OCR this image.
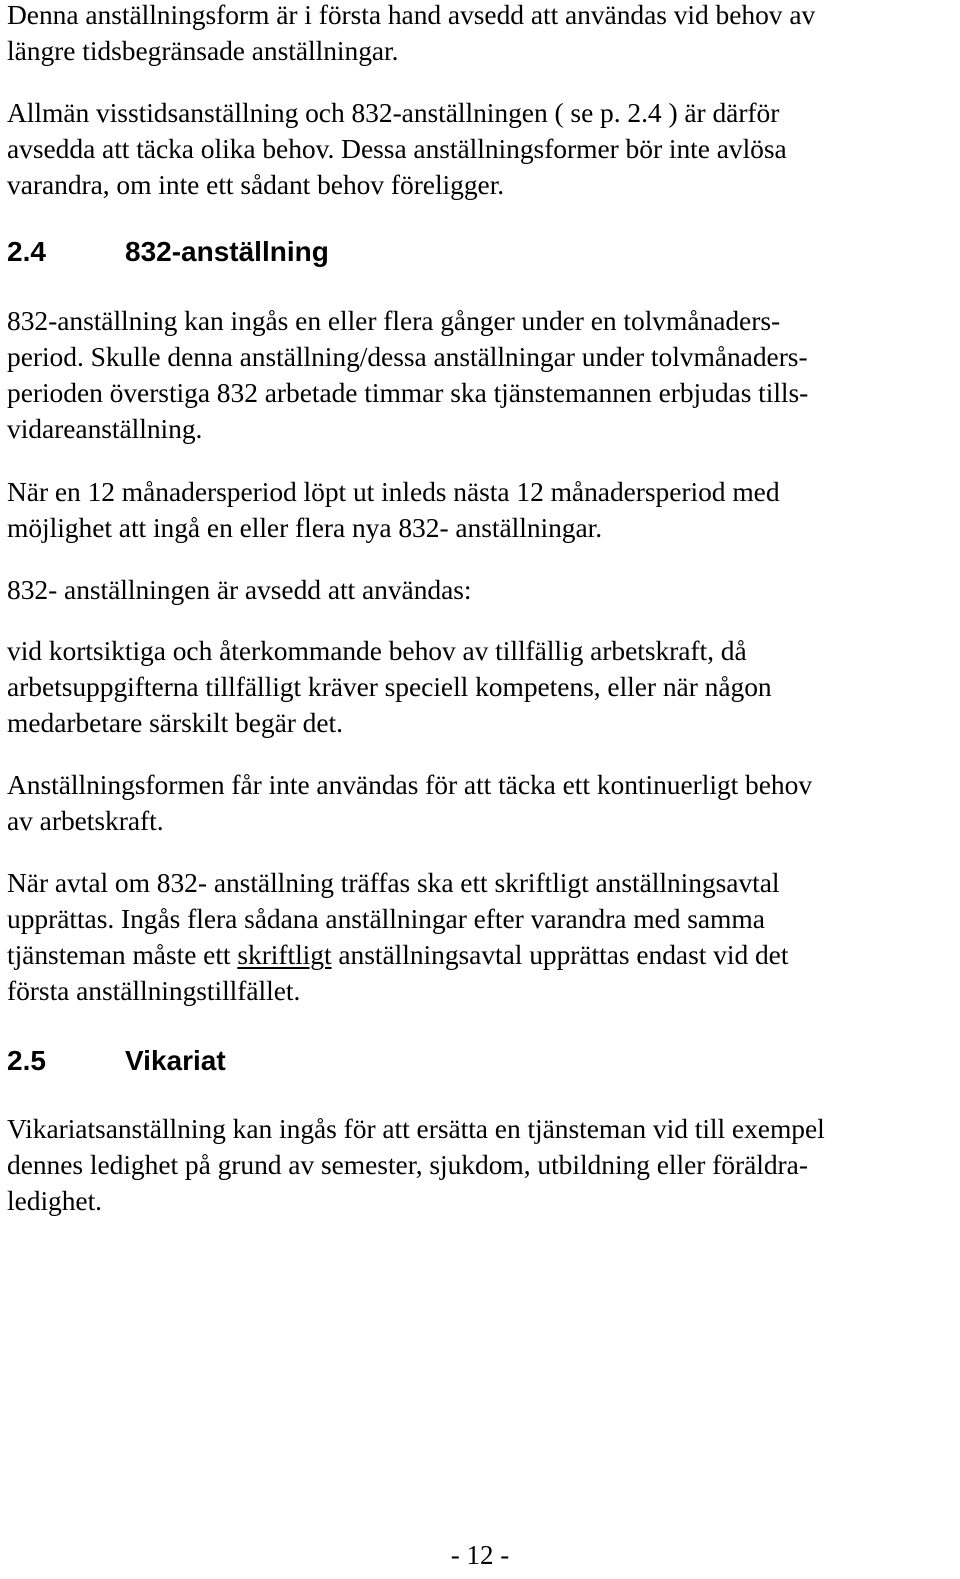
Denna anställningsform är i första hand avsedd att användas vid behov av
längre tidsbegränsade anställningar.
Allmän visstidsanställning och 832-anställningen ( se p. 2.4 ) är därför
avsedda att täcka olika behov. Dessa anställningsformer bör inte avlösa
varandra, om inte ett sådant behov föreligger.
2.4	832-anställning
832-anställning kan ingås en eller flera gånger under en tolvmånaders-
period. Skulle denna anställning/dessa anställningar under tolvmånaders-
perioden överstiga 832 arbetade timmar ska tjänstemannen erbjudas tills-
vidareanställning.
När en 12 månadersperiod löpt ut inleds nästa 12 månadersperiod med
möjlighet att ingå en eller flera nya 832- anställningar.
832- anställningen är avsedd att användas:
vid kortsiktiga och återkommande behov av tillfällig arbetskraft, då
arbetsuppgifterna tillfälligt kräver speciell kompetens, eller när någon
medarbetare särskilt begär det.
Anställningsformen får inte användas för att täcka ett kontinuerligt behov
av arbetskraft.
När avtal om 832- anställning träffas ska ett skriftligt anställningsavtal
upprättas. Ingås flera sådana anställningar efter varandra med samma
tjänsteman måste ett skriftligt anställningsavtal upprättas endast vid det
första anställningstillfället.
2.5	Vikariat
Vikariatsanställning kan ingås för att ersätta en tjänsteman vid till exempel
dennes ledighet på grund av semester, sjukdom, utbildning eller föräldra-
ledighet.
- 12 -
